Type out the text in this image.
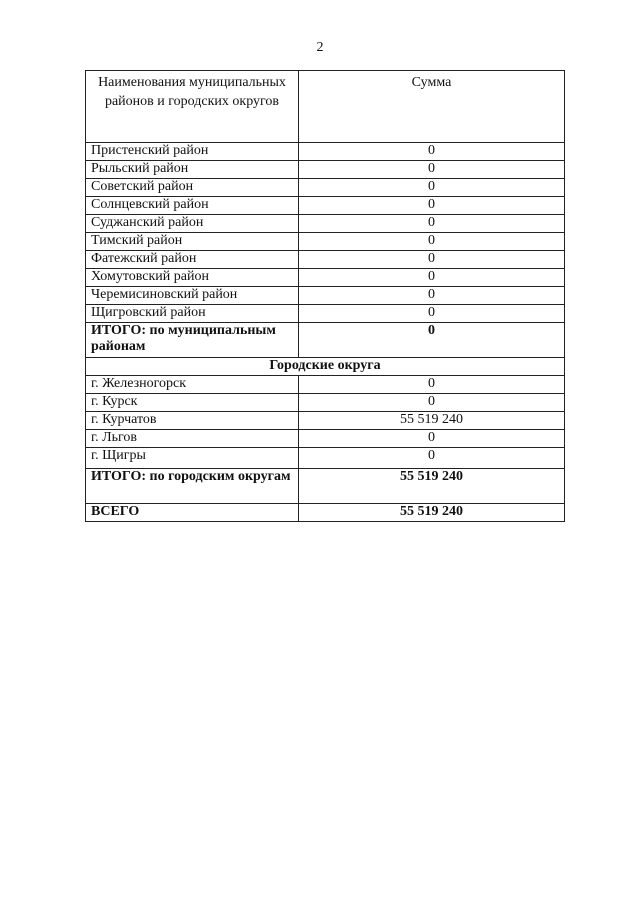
2
Наименования муниципальных районов и городских округов	Сумма
Пристенский район	0
Рыльский район	0
Советский район	0
Солнцевский район	0
Суджанский район	0
Тимский район	0
Фатежский район	0
Хомутовский район	0
Черемисиновский район	0
Щигровский район	0
ИТОГО: по муниципальным районам	0
Городские округа	
г. Железногорск	0
г. Курск	0
г. Курчатов	55 519 240
г. Льгов	0
г. Щигры	0
ИТОГО: по городским округам	55 519 240
ВСЕГО	55 519 240
